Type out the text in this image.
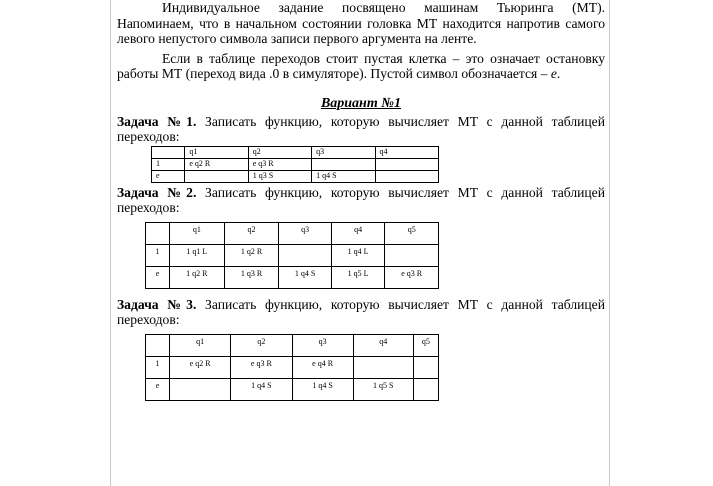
Индивидуальное задание посвящено машинам Тьюринга (МТ). Напоминаем, что в начальном состоянии головка МТ находится напротив самого левого непустого символа записи первого аргумента на ленте.

Если в таблице переходов стоит пустая клетка – это означает остановку работы МТ (переход вида .0 в симуляторе). Пустой символ обозначается – е.

Вариант №1

Задача №1. Записать функцию, которую вычисляет МТ с данной таблицей переходов:

	q1	q2	q3	q4
1	e q2 R	e q3 R		
e		1 q3 S	1 q4 S	

Задача №2. Записать функцию, которую вычисляет МТ с данной таблицей переходов:

	q1	q2	q3	q4	q5
1	1 q1 L	1 q2 R		1 q4 L	
e	1 q2 R	1 q3 R	1 q4 S	1 q5 L	e q3 R

Задача №3. Записать функцию, которую вычисляет МТ с данной таблицей переходов:

	q1	q2	q3	q4	q5
1	e q2 R	e q3 R	e q4 R		
e		1 q4 S	1 q4 S	1 q5 S	
